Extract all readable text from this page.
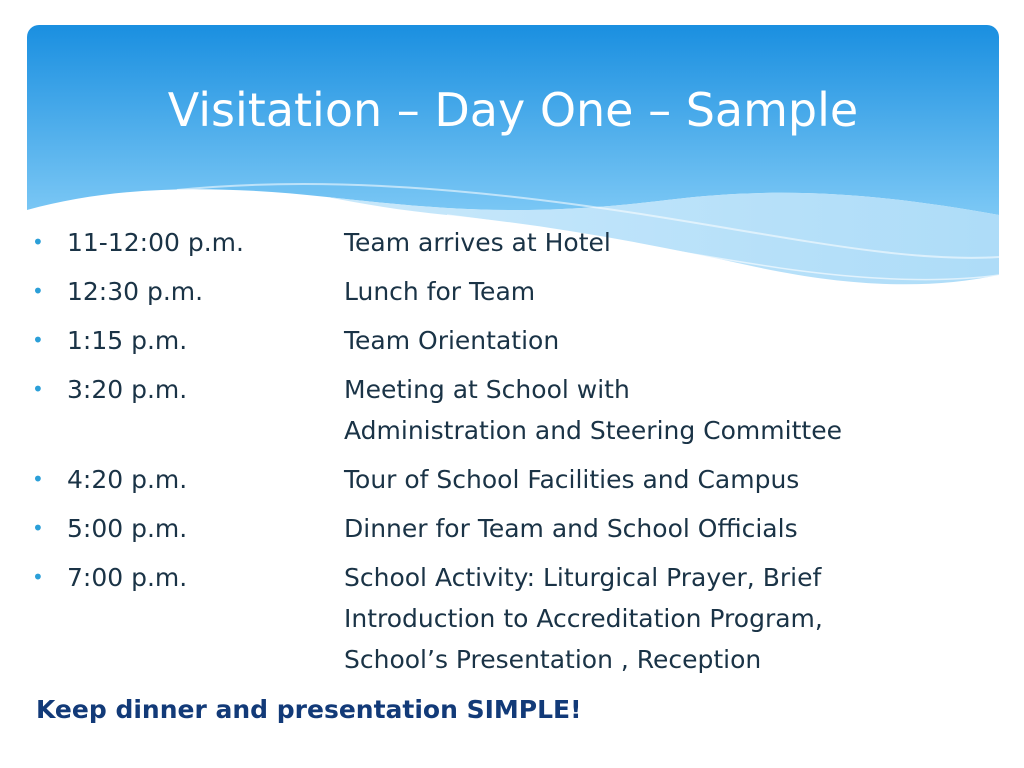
Visitation – Day One – Sample
• 11-12:00 p.m.	Team arrives at Hotel
• 12:30 p.m.	Lunch for Team
• 1:15 p.m.	Team Orientation
• 3:20 p.m.	Meeting at School with
Administration and Steering Committee
• 4:20 p.m.	Tour of School Facilities and Campus
• 5:00 p.m.	Dinner for Team and School Officials
• 7:00 p.m.	School Activity: Liturgical Prayer, Brief
Introduction to Accreditation Program,
School’s Presentation , Reception

Keep dinner and presentation SIMPLE!
